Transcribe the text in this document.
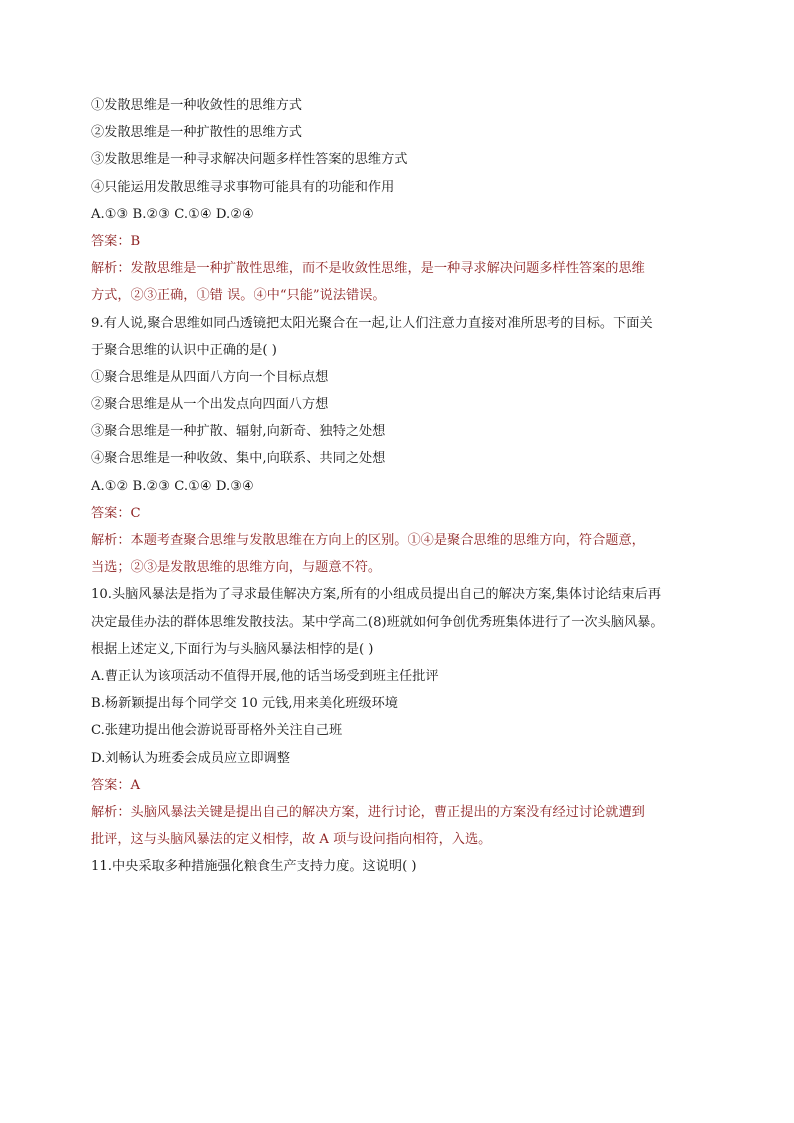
①发散思维是一种收敛性的思维方式
②发散思维是一种扩散性的思维方式
③发散思维是一种寻求解决问题多样性答案的思维方式
④只能运用发散思维寻求事物可能具有的功能和作用
A.①③ B.②③ C.①④ D.②④
答案：B
解析：发散思维是一种扩散性思维，而不是收敛性思维，是一种寻求解决问题多样性答案的思维
方式，②③正确，①错 误。④中“只能”说法错误。
9.有人说,聚合思维如同凸透镜把太阳光聚合在一起,让人们注意力直接对准所思考的目标。下面关
于聚合思维的认识中正确的是( )
①聚合思维是从四面八方向一个目标点想
②聚合思维是从一个出发点向四面八方想
③聚合思维是一种扩散、辐射,向新奇、独特之处想
④聚合思维是一种收敛、集中,向联系、共同之处想
A.①② B.②③ C.①④ D.③④
答案：C
解析：本题考查聚合思维与发散思维在方向上的区别。①④是聚合思维的思维方向，符合题意，
当选；②③是发散思维的思维方向，与题意不符。
10.头脑风暴法是指为了寻求最佳解决方案,所有的小组成员提出自己的解决方案,集体讨论结束后再
决定最佳办法的群体思维发散技法。某中学高二(8)班就如何争创优秀班集体进行了一次头脑风暴。
根据上述定义,下面行为与头脑风暴法相悖的是( )
A.曹正认为该项活动不值得开展,他的话当场受到班主任批评
B.杨新颖提出每个同学交 10 元钱,用来美化班级环境
C.张建功提出他会游说哥哥格外关注自己班
D.刘畅认为班委会成员应立即调整
答案：A
解析：头脑风暴法关键是提出自己的解决方案，进行讨论，曹正提出的方案没有经过讨论就遭到
批评，这与头脑风暴法的定义相悖，故 A 项与设问指向相符，入选。
11.中央采取多种措施强化粮食生产支持力度。这说明( )
